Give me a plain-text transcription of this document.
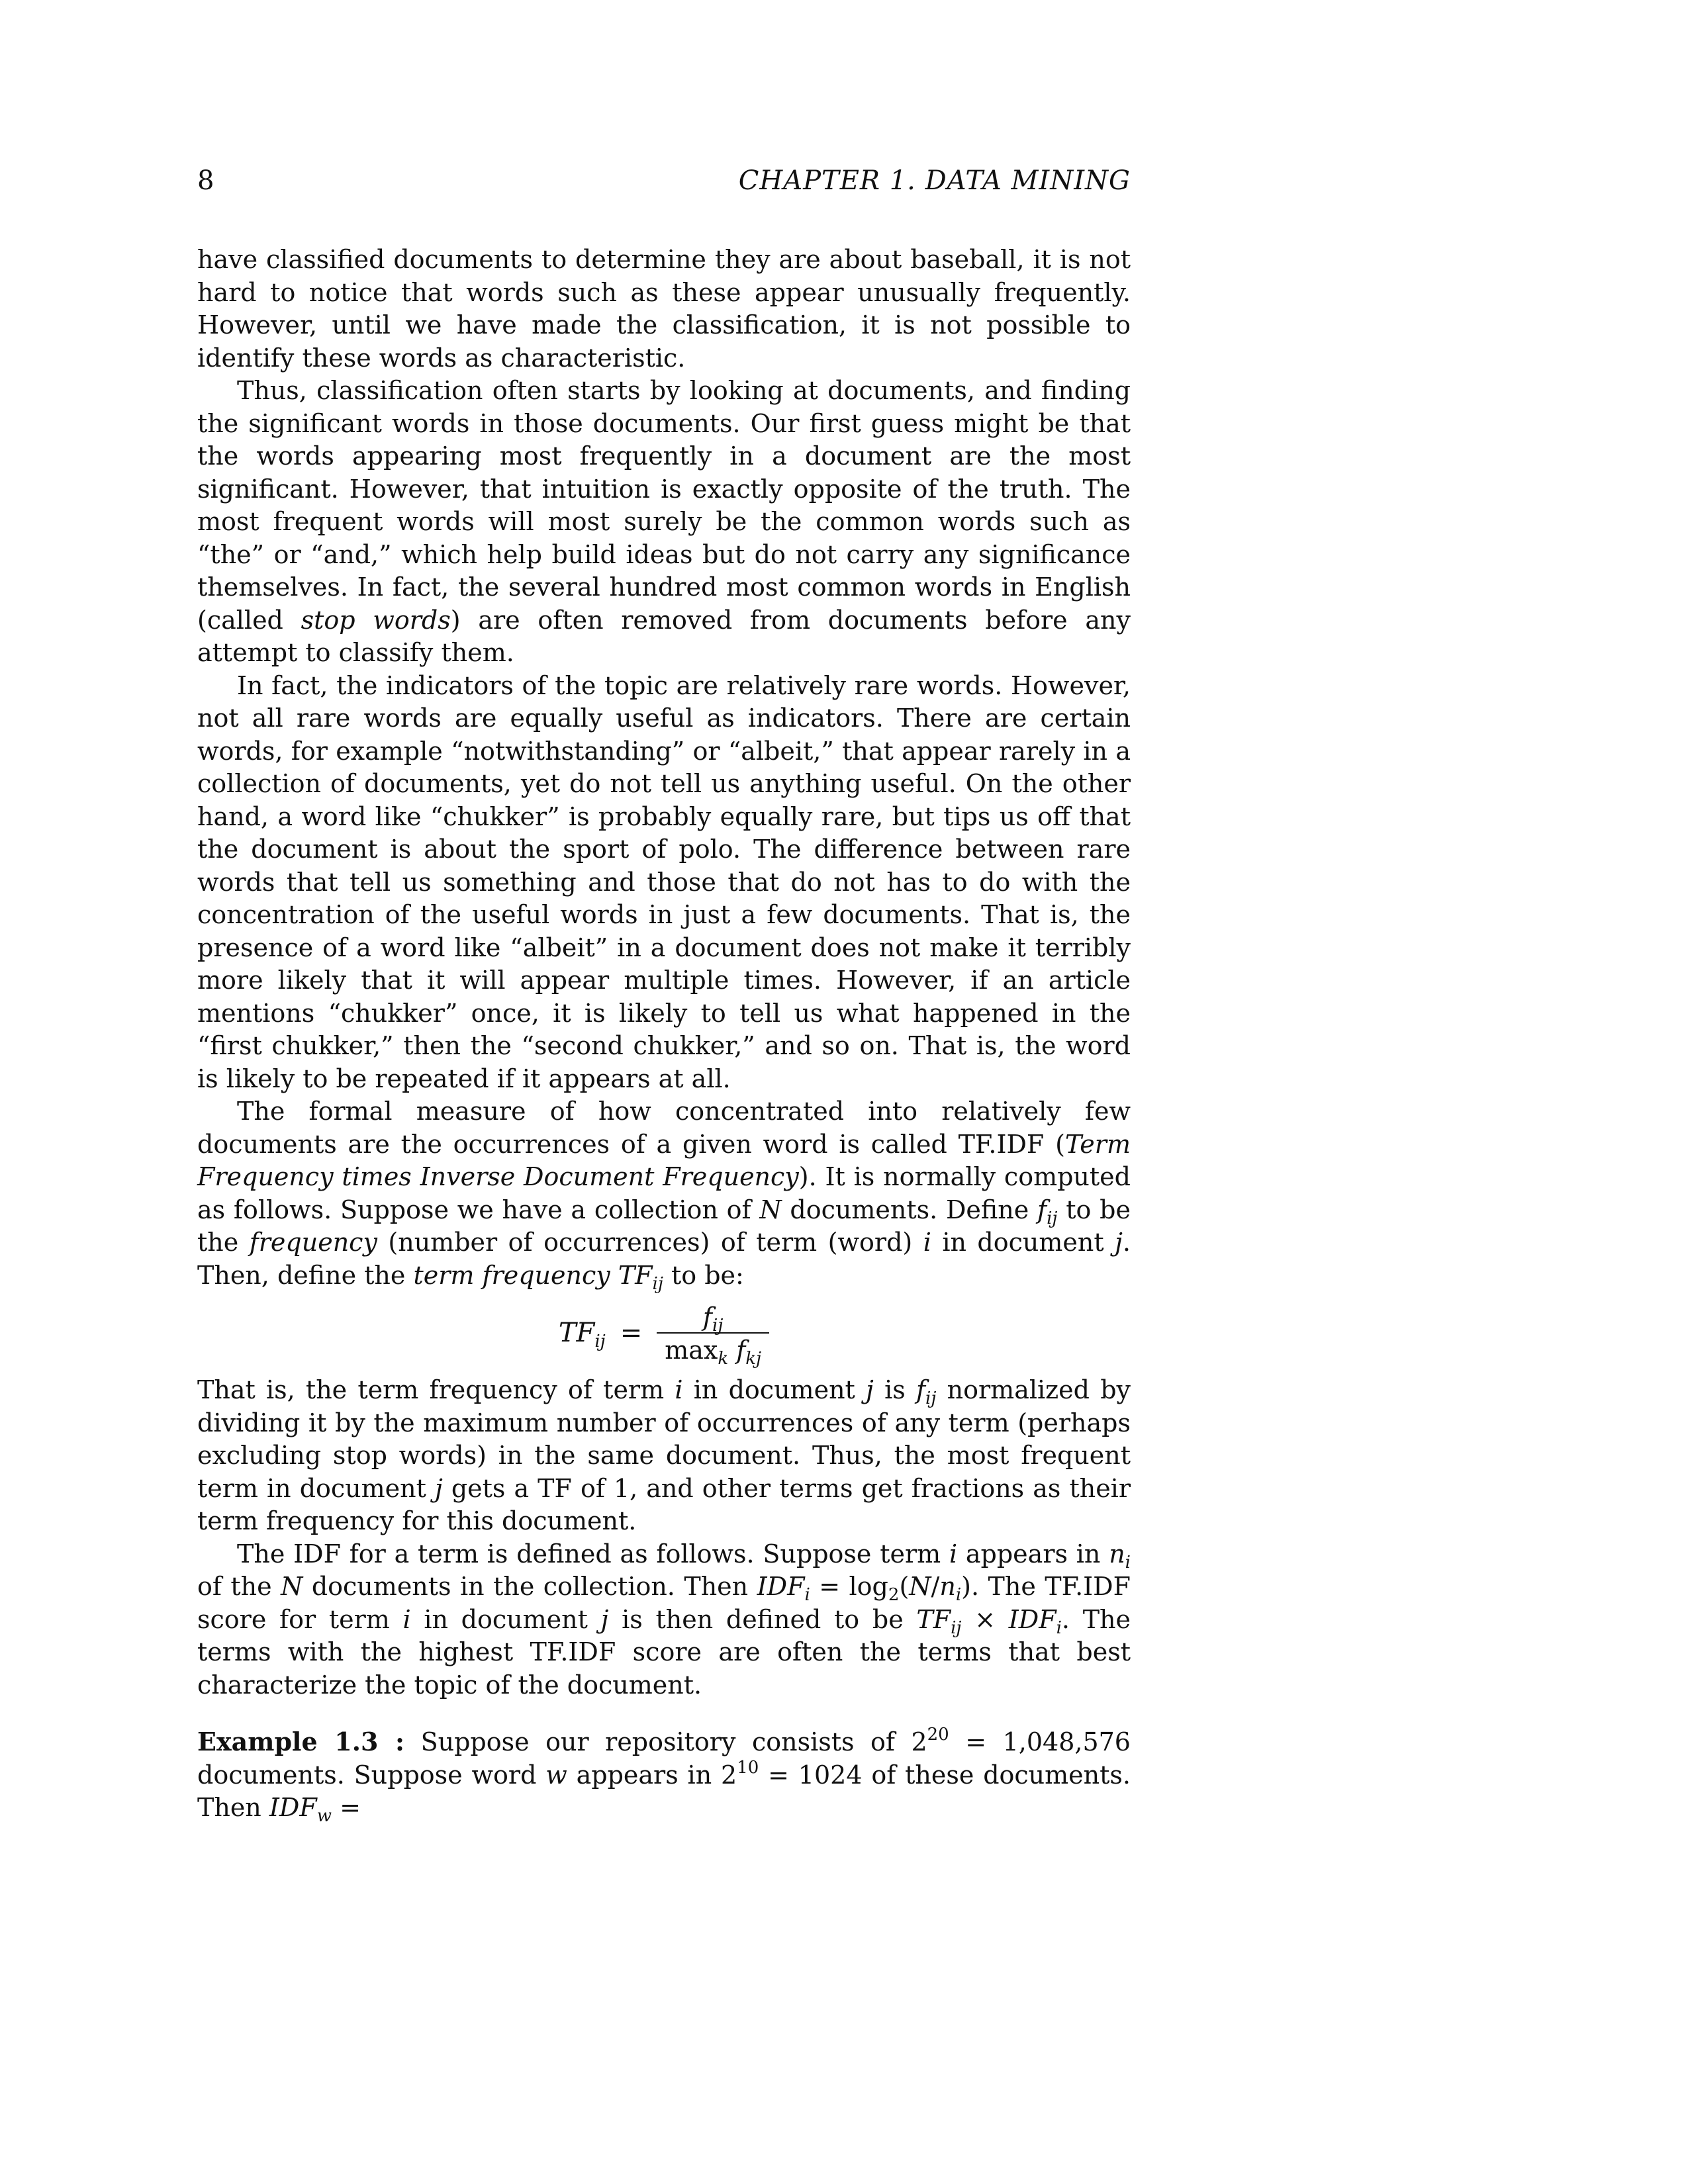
8	CHAPTER 1. DATA MINING

have classified documents to determine they are about baseball, it is not hard to notice that words such as these appear unusually frequently. However, until we have made the classification, it is not possible to identify these words as characteristic.

Thus, classification often starts by looking at documents, and finding the significant words in those documents. Our first guess might be that the words appearing most frequently in a document are the most significant. However, that intuition is exactly opposite of the truth. The most frequent words will most surely be the common words such as “the” or “and,” which help build ideas but do not carry any significance themselves. In fact, the several hundred most common words in English (called stop words) are often removed from documents before any attempt to classify them.

In fact, the indicators of the topic are relatively rare words. However, not all rare words are equally useful as indicators. There are certain words, for example “notwithstanding” or “albeit,” that appear rarely in a collection of documents, yet do not tell us anything useful. On the other hand, a word like “chukker” is probably equally rare, but tips us off that the document is about the sport of polo. The difference between rare words that tell us something and those that do not has to do with the concentration of the useful words in just a few documents. That is, the presence of a word like “albeit” in a document does not make it terribly more likely that it will appear multiple times. However, if an article mentions “chukker” once, it is likely to tell us what happened in the “first chukker,” then the “second chukker,” and so on. That is, the word is likely to be repeated if it appears at all.

The formal measure of how concentrated into relatively few documents are the occurrences of a given word is called TF.IDF (Term Frequency times Inverse Document Frequency). It is normally computed as follows. Suppose we have a collection of N documents. Define $f_{ij}$ to be the frequency (number of occurrences) of term (word) i in document j. Then, define the term frequency $TF_{ij}$ to be:

$TF_{ij} = \frac{f_{ij}}{\max_k f_{kj}}$

That is, the term frequency of term i in document j is $f_{ij}$ normalized by dividing it by the maximum number of occurrences of any term (perhaps excluding stop words) in the same document. Thus, the most frequent term in document j gets a TF of 1, and other terms get fractions as their term frequency for this document.

The IDF for a term is defined as follows. Suppose term i appears in $n_i$ of the N documents in the collection. Then $IDF_i = \log_2(N/n_i)$. The TF.IDF score for term i in document j is then defined to be $TF_{ij} \times IDF_i$. The terms with the highest TF.IDF score are often the terms that best characterize the topic of the document.

Example 1.3 : Suppose our repository consists of $2^{20} = 1,048,576$ documents. Suppose word w appears in $2^{10} = 1024$ of these documents. Then $IDF_w$ =
